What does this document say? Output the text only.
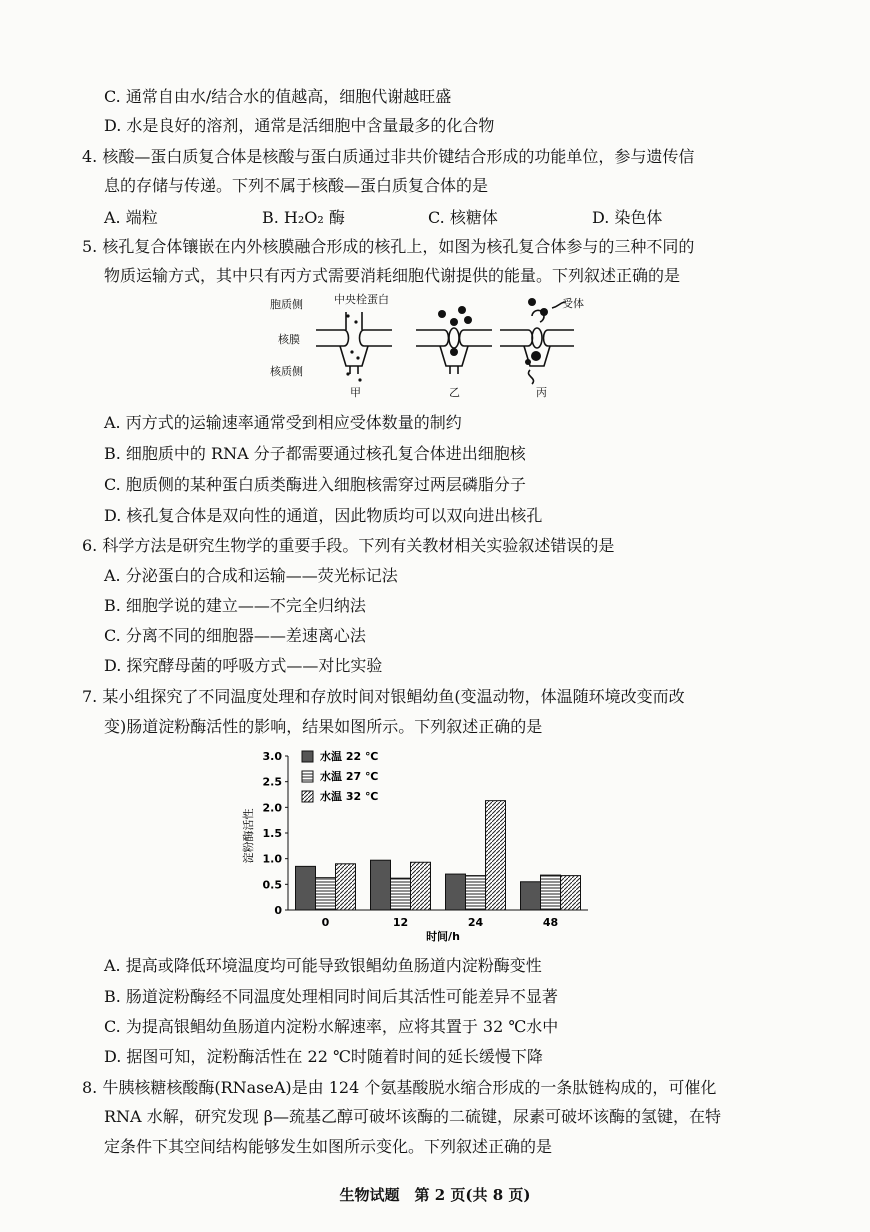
C. 通常自由水/结合水的值越高，细胞代谢越旺盛
D. 水是良好的溶剂，通常是活细胞中含量最多的化合物
4. 核酸—蛋白质复合体是核酸与蛋白质通过非共价键结合形成的功能单位，参与遗传信
息的存储与传递。下列不属于核酸—蛋白质复合体的是
A. 端粒	B. H₂O₂ 酶	C. 核糖体	D. 染色体
5. 核孔复合体镶嵌在内外核膜融合形成的核孔上，如图为核孔复合体参与的三种不同的
物质运输方式，其中只有丙方式需要消耗细胞代谢提供的能量。下列叙述正确的是
胞质侧
核膜
核质侧
中央栓蛋白	受体
甲	乙	丙
A. 丙方式的运输速率通常受到相应受体数量的制约
B. 细胞质中的 RNA 分子都需要通过核孔复合体进出细胞核
C. 胞质侧的某种蛋白质类酶进入细胞核需穿过两层磷脂分子
D. 核孔复合体是双向性的通道，因此物质均可以双向进出核孔
6. 科学方法是研究生物学的重要手段。下列有关教材相关实验叙述错误的是
A. 分泌蛋白的合成和运输——荧光标记法
B. 细胞学说的建立——不完全归纳法
C. 分离不同的细胞器——差速离心法
D. 探究酵母菌的呼吸方式——对比实验
7. 某小组探究了不同温度处理和存放时间对银鲳幼鱼(变温动物，体温随环境改变而改
变)肠道淀粉酶活性的影响，结果如图所示。下列叙述正确的是
淀粉酶活性
0
0.5
1.0
1.5
2.0
2.5
3.0
0	12	24	48
水温 22 ℃
水温 27 ℃
水温 32 ℃
时间/h
A. 提高或降低环境温度均可能导致银鲳幼鱼肠道内淀粉酶变性
B. 肠道淀粉酶经不同温度处理相同时间后其活性可能差异不显著
C. 为提高银鲳幼鱼肠道内淀粉水解速率，应将其置于 32 ℃水中
D. 据图可知，淀粉酶活性在 22 ℃时随着时间的延长缓慢下降
8. 牛胰核糖核酸酶(RNaseA)是由 124 个氨基酸脱水缩合形成的一条肽链构成的，可催化
RNA 水解，研究发现 β—巯基乙醇可破坏该酶的二硫键，尿素可破坏该酶的氢键，在特
定条件下其空间结构能够发生如图所示变化。下列叙述正确的是
生物试题　第 2 页(共 8 页)
